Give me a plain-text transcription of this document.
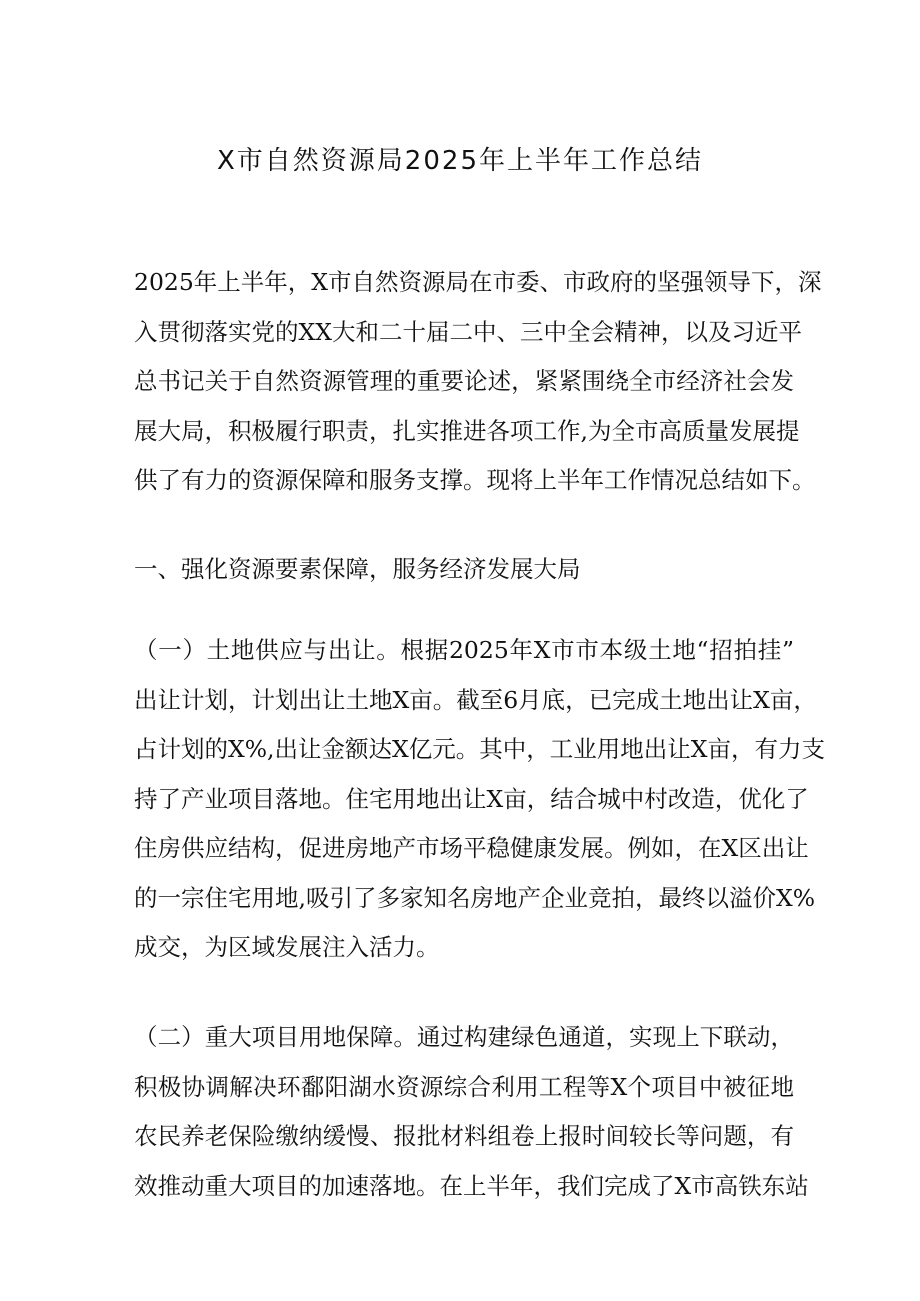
X市自然资源局2025年上半年工作总结
2025年上半年，X市自然资源局在市委、市政府的坚强领导下，深
入贯彻落实党的XX大和二十届二中、三中全会精神，以及习近平
总书记关于自然资源管理的重要论述，紧紧围绕全市经济社会发
展大局，积极履行职责，扎实推进各项工作,为全市高质量发展提
供了有力的资源保障和服务支撑。现将上半年工作情况总结如下。
一、强化资源要素保障，服务经济发展大局
（一）土地供应与出让。根据2025年X市市本级土地“招拍挂”
出让计划，计划出让土地X亩。截至6月底，已完成土地出让X亩，
占计划的X%,出让金额达X亿元。其中，工业用地出让X亩，有力支
持了产业项目落地。住宅用地出让X亩，结合城中村改造，优化了
住房供应结构，促进房地产市场平稳健康发展。例如，在X区出让
的一宗住宅用地,吸引了多家知名房地产企业竞拍，最终以溢价X%
成交，为区域发展注入活力。
（二）重大项目用地保障。通过构建绿色通道，实现上下联动，
积极协调解决环鄱阳湖水资源综合利用工程等X个项目中被征地
农民养老保险缴纳缓慢、报批材料组卷上报时间较长等问题，有
效推动重大项目的加速落地。在上半年，我们完成了X市高铁东站
